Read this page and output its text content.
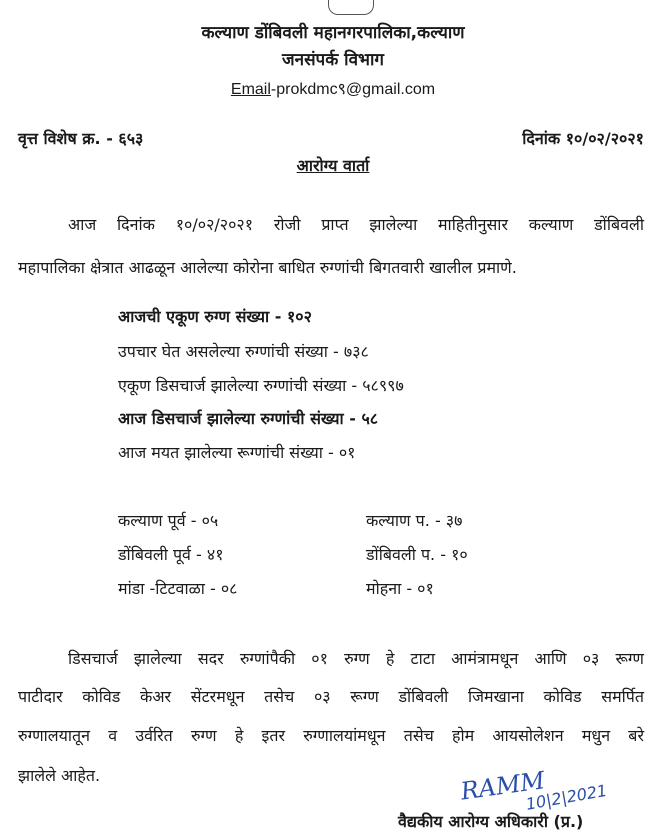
कल्याण डोंबिवली महानगरपालिका,कल्याण
जनसंपर्क विभाग
Email-prokdmc९@gmail.com
वृत्त विशेष क्र. - ६५३	दिनांक १०/०२/२०२१
आरोग्य वार्ता
आज दिनांक १०/०२/२०२१ रोजी प्राप्त झालेल्या माहितीनुसार कल्याण डोंबिवली
महापालिका क्षेत्रात आढळून आलेल्या कोरोना बाधित रुग्णांची बिगतवारी खालील प्रमाणे.
आजची एकूण रुग्ण संख्या - १०२
उपचार घेत असलेल्या रुग्णांची संख्या - ७३८
एकूण डिसचार्ज झालेल्या रुग्णांची संख्या - ५८९९७
आज डिसचार्ज झालेल्या रुग्णांची संख्या - ५८
आज मयत झालेल्या रूग्णांची संख्या - ०१
कल्याण पूर्व - ०५
डोंबिवली पूर्व - ४१
मांडा -टिटवाळा - ०८
कल्याण प. - ३७
डोंबिवली प. - १०
मोहना - ०१
डिसचार्ज झालेल्या सदर रुग्णांपैकी ०१ रुग्ण हे टाटा आमंत्रामधून आणि ०३ रूग्ण
पाटीदार कोविड केअर सेंटरमधून तसेच ०३ रूग्ण डोंबिवली जिमखाना कोविड समर्पित
रुग्णालयातून व उर्वरित रुग्ण हे इतर रुग्णालयांमधून तसेच होम आयसोलेशन मधुन बरे
झालेले आहेत.	RAMM
10|2|2021
वैद्यकीय आरोग्य अधिकारी (प्र.)
